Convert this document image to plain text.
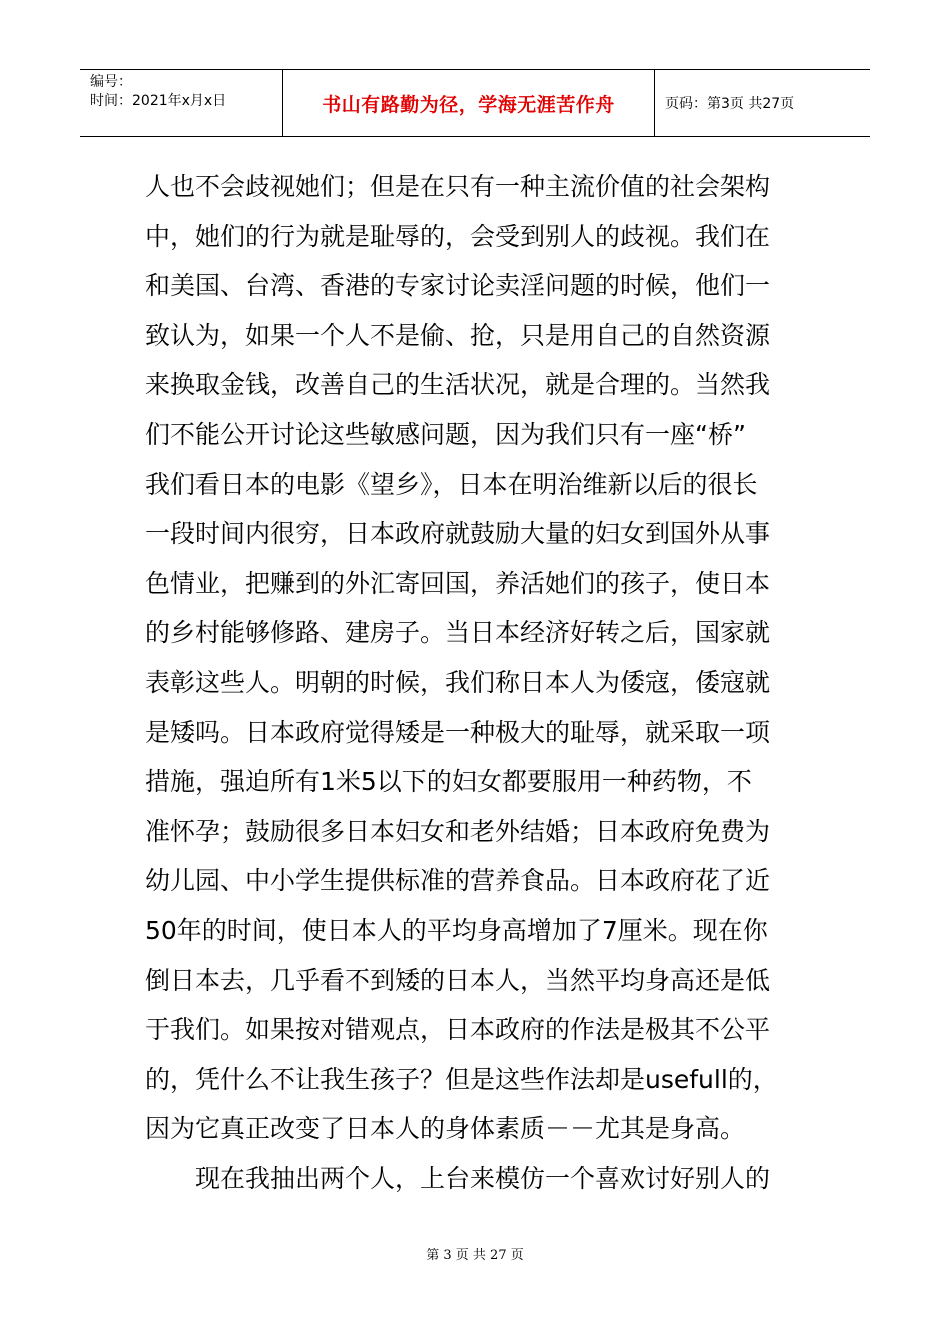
编号：
时间：2021年x月x日	书山有路勤为径，学海无涯苦作舟	页码：第3页 共27页
人也不会歧视她们；但是在只有一种主流价值的社会架构
中，她们的行为就是耻辱的，会受到别人的歧视。我们在
和美国、台湾、香港的专家讨论卖淫问题的时候，他们一
致认为，如果一个人不是偷、抢，只是用自己的自然资源
来换取金钱，改善自己的生活状况，就是合理的。当然我
们不能公开讨论这些敏感问题，因为我们只有一座“桥”
我们看日本的电影《望乡》，日本在明治维新以后的很长
一段时间内很穷，日本政府就鼓励大量的妇女到国外从事
色情业，把赚到的外汇寄回国，养活她们的孩子，使日本
的乡村能够修路、建房子。当日本经济好转之后，国家就
表彰这些人。明朝的时候，我们称日本人为倭寇，倭寇就
是矮吗。日本政府觉得矮是一种极大的耻辱，就采取一项
措施，强迫所有1米5以下的妇女都要服用一种药物，不
准怀孕；鼓励很多日本妇女和老外结婚；日本政府免费为
幼儿园、中小学生提供标准的营养食品。日本政府花了近
50年的时间，使日本人的平均身高增加了7厘米。现在你
倒日本去，几乎看不到矮的日本人，当然平均身高还是低
于我们。如果按对错观点，日本政府的作法是极其不公平
的，凭什么不让我生孩子？但是这些作法却是usefull的，
因为它真正改变了日本人的身体素质－－尤其是身高。
现在我抽出两个人，上台来模仿一个喜欢讨好别人的
第 3 页 共 27 页
